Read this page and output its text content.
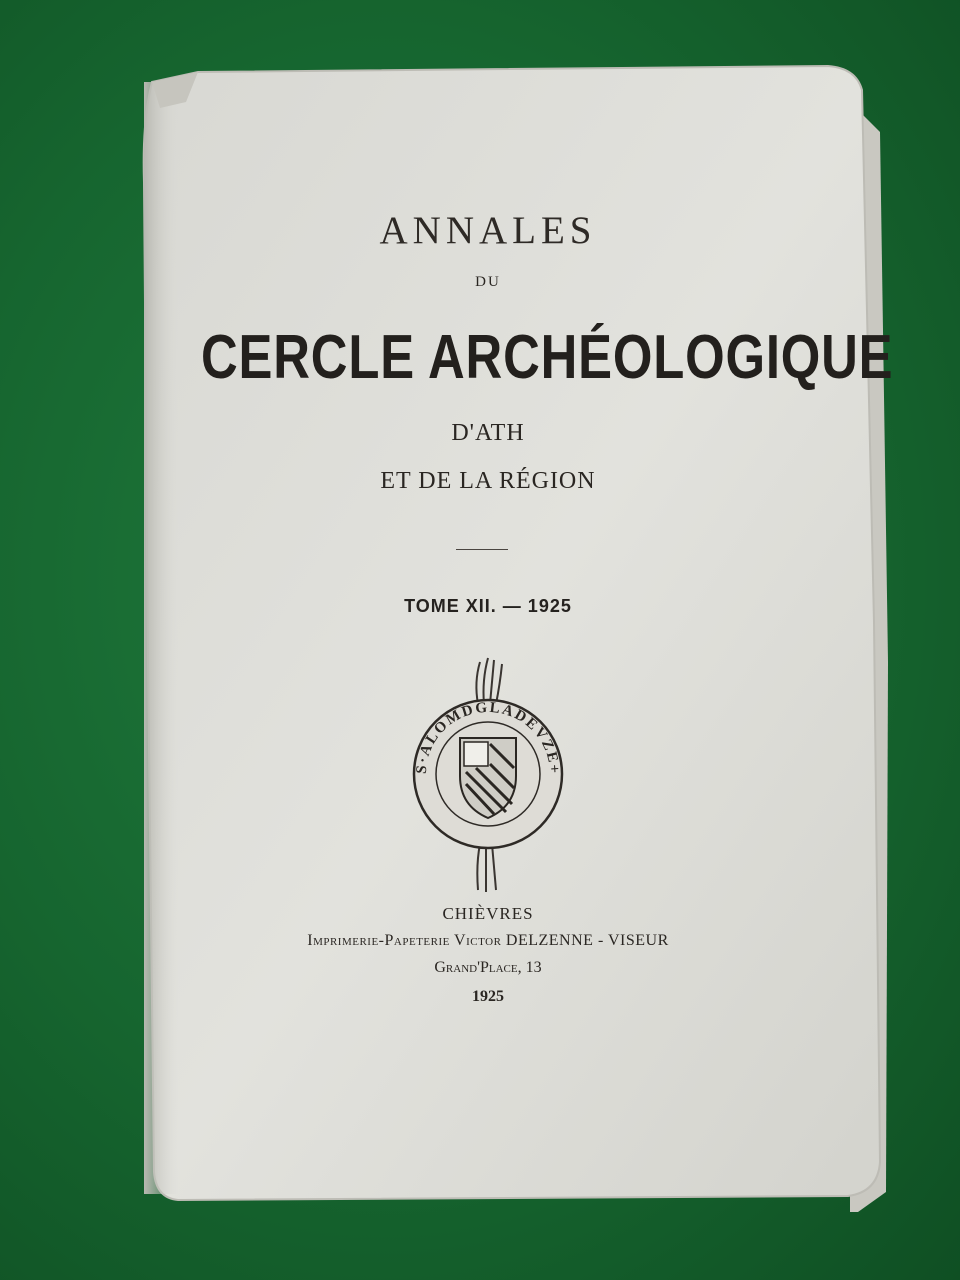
ANNALES
DU
CERCLE ARCHÉOLOGIQUE
D'ATH
ET DE LA RÉGION
TOME XII. — 1925
S·ALOMDGLADEVZE+
CHIÈVRES
Imprimerie-Papeterie Victor DELZENNE - VISEUR
Grand'Place, 13
1925
